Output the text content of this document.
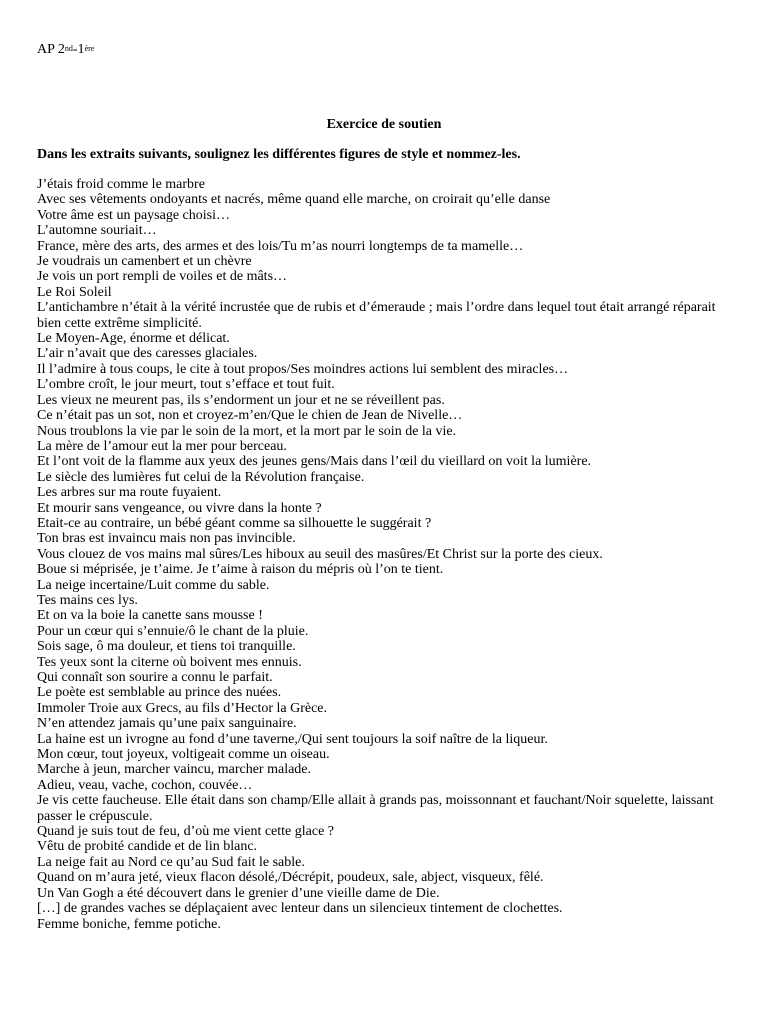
AP 2nd-1ère
Exercice de soutien
Dans les extraits suivants, soulignez les différentes figures de style et nommez-les.
J’étais froid comme le marbre
Avec ses vêtements ondoyants et nacrés, même quand elle marche, on croirait qu’elle danse
Votre âme est un paysage choisi…
L’automne souriait…
France, mère des arts, des armes et des lois/Tu m’as nourri longtemps de ta mamelle…
Je voudrais un camenbert et un chèvre
Je vois un port rempli de voiles et de mâts…
Le Roi Soleil
L’antichambre n’était à la vérité incrustée que de rubis et d’émeraude ; mais l’ordre dans lequel tout était arrangé réparait bien cette extrême simplicité.
Le Moyen-Age, énorme et délicat.
L’air n’avait que des caresses glaciales.
Il l’admire à tous coups, le cite à tout propos/Ses moindres actions lui semblent des miracles…
L’ombre croît, le jour meurt, tout s’efface et tout fuit.
Les vieux ne meurent pas, ils s’endorment un jour et ne se réveillent pas.
Ce n’était pas un sot, non et croyez-m’en/Que le chien de Jean de Nivelle…
Nous troublons la vie par le soin de la mort, et la mort par le soin de la vie.
La mère de l’amour eut la mer pour berceau.
Et l’ont voit de la flamme aux yeux des jeunes gens/Mais dans l’œil du vieillard on voit la lumière.
Le siècle des lumières fut celui de la Révolution française.
Les arbres sur ma route fuyaient.
Et mourir sans vengeance, ou vivre dans la honte ?
Etait-ce au contraire, un bébé géant comme sa silhouette le suggérait ?
Ton bras est invaincu mais non pas invincible.
Vous clouez de vos mains mal sûres/Les hiboux au seuil des masûres/Et Christ sur la porte des cieux.
Boue si méprisée, je t’aime. Je t’aime à raison du mépris où l’on te tient.
La neige incertaine/Luit comme du sable.
Tes mains ces lys.
Et on va la boie la canette sans mousse !
Pour un cœur qui s’ennuie/ô le chant de la pluie.
Sois sage, ô ma douleur, et tiens toi tranquille.
Tes yeux sont la citerne où boivent mes ennuis.
Qui connaît son sourire a connu le parfait.
Le poète est semblable au prince des nuées.
Immoler Troie aux Grecs, au fils d’Hector la Grèce.
N’en attendez jamais qu’une paix sanguinaire.
La haine est un ivrogne au fond d’une taverne,/Qui sent toujours la soif naître de la liqueur.
Mon cœur, tout joyeux, voltigeait comme un oiseau.
Marche à jeun, marcher vaincu, marcher malade.
Adieu, veau, vache, cochon, couvée…
Je vis cette faucheuse. Elle était dans son champ/Elle allait à grands pas, moissonnant et fauchant/Noir squelette, laissant passer le crépuscule.
Quand je suis tout de feu, d’où me vient cette glace ?
Vêtu de probité candide et de lin blanc.
La neige fait au Nord ce qu’au Sud fait le sable.
Quand on m’aura jeté, vieux flacon désolé,/Décrépit, poudeux, sale, abject, visqueux, fêlé.
Un Van Gogh a été découvert dans le grenier d’une vieille dame de Die.
[…] de grandes vaches se déplaçaient avec lenteur dans un silencieux tintement de clochettes.
Femme boniche, femme potiche.
